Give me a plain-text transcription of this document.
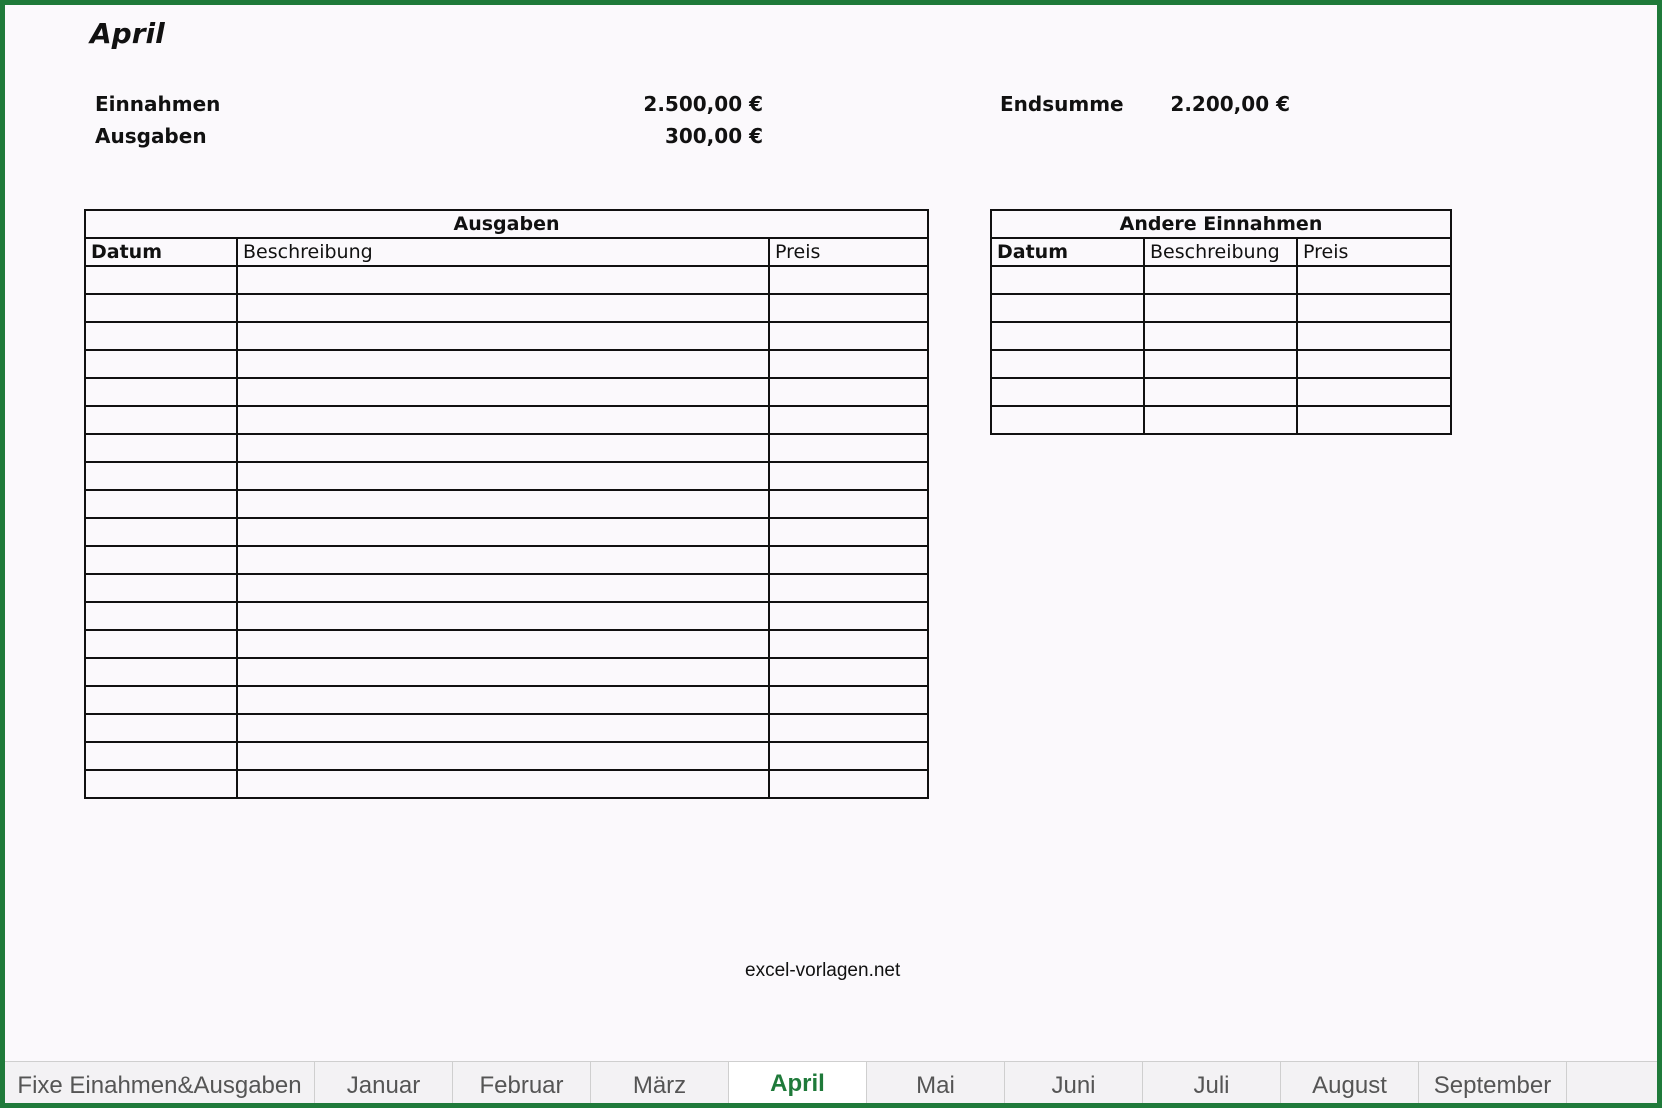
April
Einnahmen	2.500,00 €
Ausgaben	300,00 €
Endsumme	2.200,00 €
Ausgaben		
Datum	Beschreibung	Preis

Andere Einnahmen		
Datum	Beschreibung	Preis

excel-vorlagen.net
Fixe Einahmen&Ausgaben	Januar	Februar	März	April	Mai	Juni	Juli	August	September
